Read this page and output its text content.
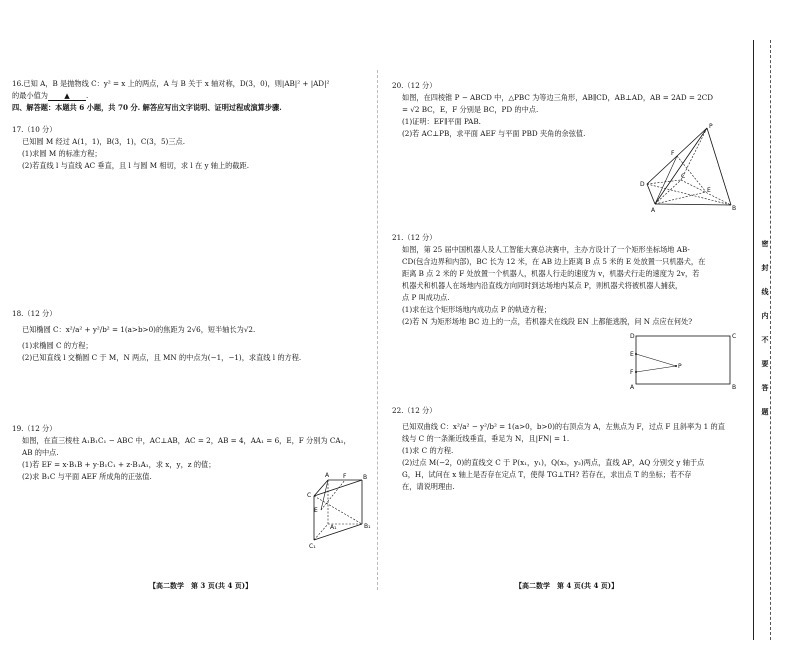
16.已知 A，B 是抛物线 C：y² = x 上的两点，A 与 B 关于 x 轴对称，D(3，0)，则|AB|² + |AD|²

的最小值为 ▲ .

四、解答题：本题共 6 小题，共 70 分. 解答应写出文字说明、证明过程或演算步骤.

17.（10 分）

已知圆 M 经过 A(1，1)，B(3，1)，C(3，5)三点.

(1)求圆 M 的标准方程；

(2)若直线 l 与直线 AC 垂直，且 l 与圆 M 相切，求 l 在 y 轴上的截距.

18.（12 分）

已知椭圆 C：x²/a² + y²/b² = 1(a>b>0)的焦距为 2√6，短半轴长为√2.

(1)求椭圆 C 的方程；

(2)已知直线 l 交椭圆 C 于 M，N 两点，且 MN 的中点为(−1，−1)，求直线 l 的方程.

19.（12 分）

如图，在直三棱柱 A₁B₁C₁ − ABC 中，AC⊥AB，AC = 2，AB = 4，AA₁ = 6，E，F 分别为 CA₁，

AB 的中点.

(1)若 EF = x·B₁B + y·B₁C₁ + z·B₁A₁，求 x，y，z 的值；

(2)求 B₁C 与平面 AEF 所成角的正弦值.

【高二数学　第 3 页(共 4 页)】
A	B
C
E
F
A₁	B₁
C₁

20.（12 分）

如图，在四棱锥 P − ABCD 中，△PBC 为等边三角形，AB∥CD，AB⊥AD，AB = 2AD = 2CD

= √2 BC，E，F 分别是 BC，PD 的中点.

(1)证明：EF∥平面 PAB.

(2)若 AC⊥PB，求平面 AEF 与平面 PBD 夹角的余弦值.

21.（12 分）

如图，第 25 届中国机器人及人工智能大赛总决赛中，主办方设计了一个矩形坐标场地 AB-

CD(包含边界和内部)，BC 长为 12 米，在 AB 边上距离 B 点 5 米的 E 处放置一只机器犬，在

距离 B 点 2 米的 F 处放置一个机器人，机器人行走的速度为 v，机器犬行走的速度为 2v，若

机器犬和机器人在场地内沿直线方向同时到达场地内某点 P，则机器犬将被机器人捕获，

点 P 叫成功点.

(1)求在这个矩形场地内成功点 P 的轨迹方程；

(2)若 N 为矩形场地 BC 边上的一点，若机器犬在线段 EN 上都能逃脱，问 N 点应在何处?

22.（12 分）

已知双曲线 C：x²/a² − y²/b² = 1(a>0，b>0)的右顶点为 A，左焦点为 F，过点 F 且斜率为 1 的直

线与 C 的一条渐近线垂直，垂足为 N，且|FN| = 1.

(1)求 C 的方程.

(2)过点 M(−2，0)的直线交 C 于 P(x₁，y₁)，Q(x₂，y₂)两点，直线 AP，AQ 分别交 y 轴于点

G，H，试问在 x 轴上是否存在定点 T，使得 TG⊥TH? 若存在，求出点 T 的坐标；若不存

在，请说明理由.

【高二数学　第 4 页(共 4 页)】
P
F
C
D
E
A	B
D	C
E
F
P
A	B
密
封
线
内
不
要
答
题
